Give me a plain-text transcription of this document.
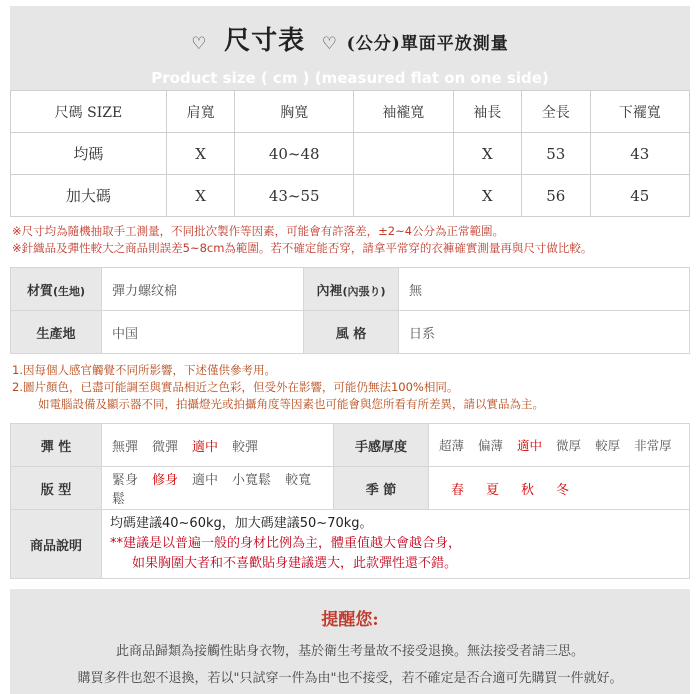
♡ 尺寸表 ♡ (公分)單面平放測量
Product size ( cm ) (measured flat on one side)
尺碼 SIZE	肩寬	胸寬	袖襱寬	袖長	全長	下襬寬
均碼	X	40~48		X	53	43
加大碼	X	43~55		X	56	45
※尺寸均為隨機抽取手工測量，不同批次製作等因素，可能會有許落差，±2~4公分為正常範圍。
※針織品及彈性較大之商品則誤差5~8cm為範圍。若不確定能否穿，請拿平常穿的衣褲確實測量再與尺寸做比較。
材質(生地)	彈力螺纹棉	內裡(內張り)	無
生產地	中国	風 格	日系
1.因每個人感官觸覺不同所影響，下述僅供參考用。
2.圖片顏色，已盡可能調至與實品相近之色彩，但受外在影響，可能仍無法100%相同。
如電腦設備及顯示器不同，拍攝燈光或拍攝角度等因素也可能會與您所看有所差異，請以實品為主。
彈 性	無彈 微彈 適中 較彈	手感厚度	超薄 偏薄 適中 微厚 較厚 非常厚
版 型	緊身 修身 適中 小寬鬆 較寬鬆	季 節	春 夏 秋 冬
商品說明	均碼建議40~60kg，加大碼建議50~70kg。
**建議是以普遍一般的身材比例為主，體重值越大會越合身，
如果胸圍大者和不喜歡貼身建議選大，此款彈性還不錯。		
提醒您:
此商品歸類為接觸性貼身衣物，基於衛生考量故不接受退換。無法接受者請三思。
購買多件也恕不退換，若以"只試穿一件為由"也不接受，若不確定是否合適可先購買一件就好。
